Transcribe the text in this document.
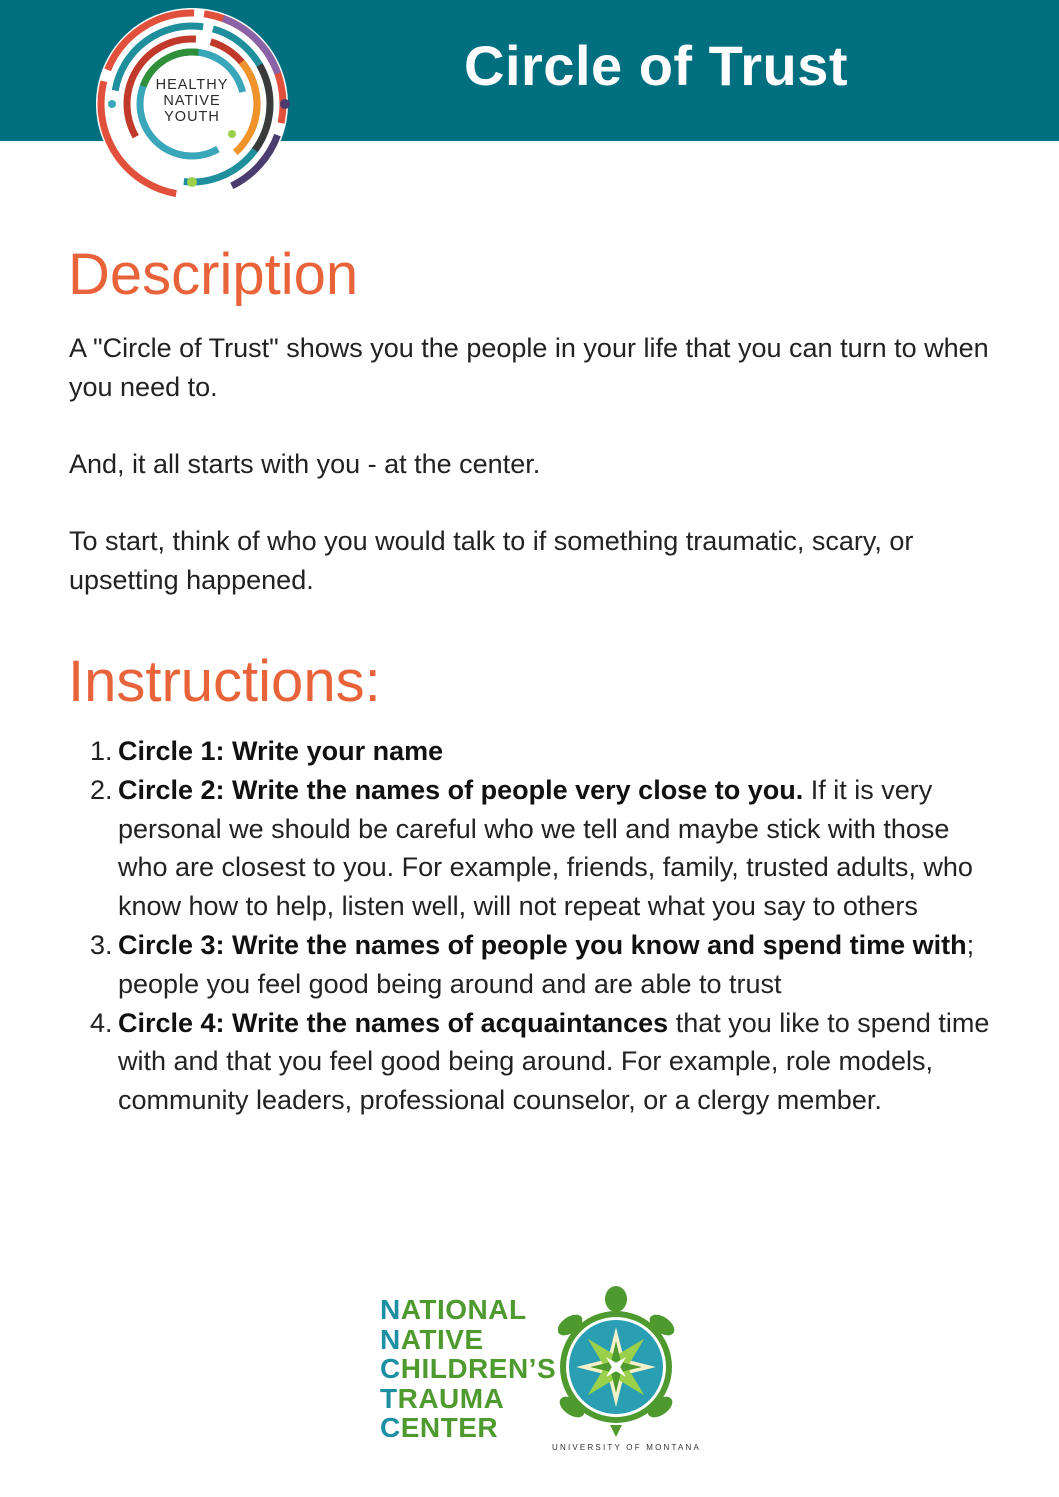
Circle of Trust
HEALTHY
NATIVE
YOUTH
Description

A "Circle of Trust" shows you the people in your life that you can turn to when you need to.

And, it all starts with you - at the center.

To start, think of who you would talk to if something traumatic, scary, or upsetting happened.

Instructions:
1. Circle 1: Write your name
2. Circle 2: Write the names of people very close to you. If it is very personal we should be careful who we tell and maybe stick with those who are closest to you. For example, friends, family, trusted adults, who know how to help, listen well, will not repeat what you say to others
3. Circle 3: Write the names of people you know and spend time with; people you feel good being around and are able to trust
4. Circle 4: Write the names of acquaintances that you like to spend time with and that you feel good being around. For example, role models, community leaders, professional counselor, or a clergy member.
NATIONAL
NATIVE
CHILDREN’S
TRAUMA
CENTER
UNIVERSITY OF MONTANA
